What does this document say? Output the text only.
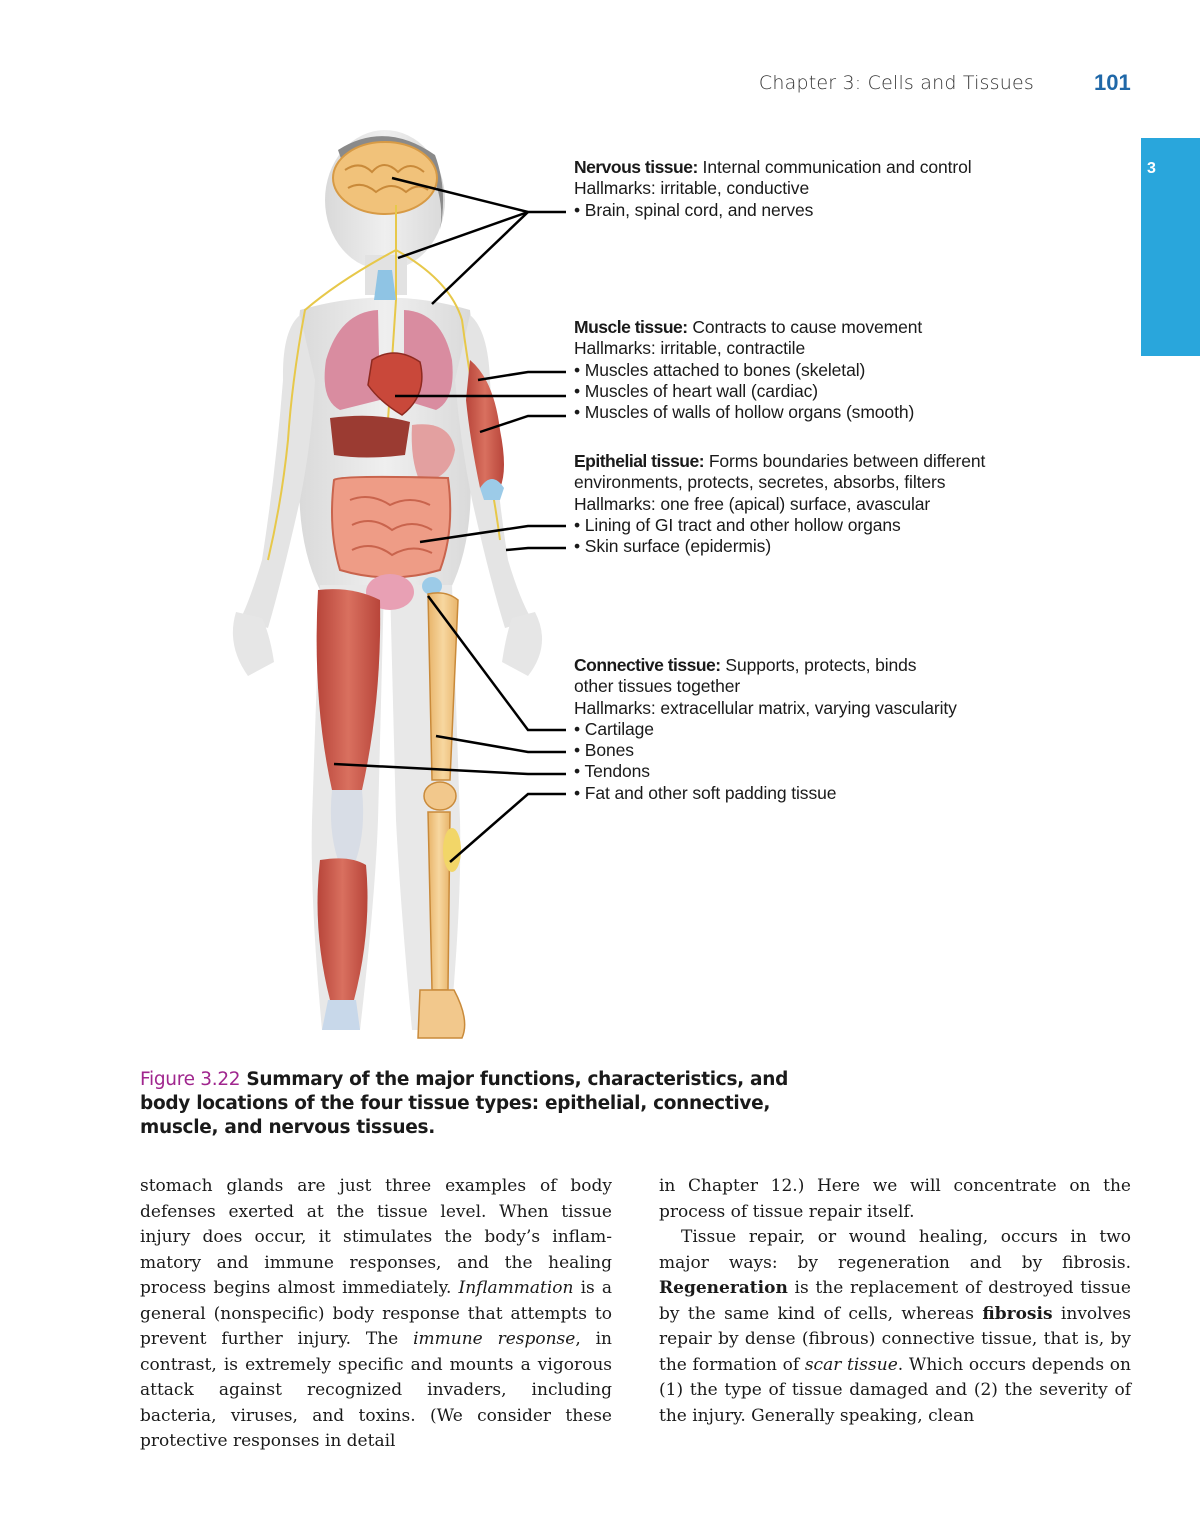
Chapter 3: Cells and Tissues	101
3
Nervous tissue: Internal communication and control
Hallmarks: irritable, conductive
• Brain, spinal cord, and nerves
Muscle tissue: Contracts to cause movement
Hallmarks: irritable, contractile
• Muscles attached to bones (skeletal)
• Muscles of heart wall (cardiac)
• Muscles of walls of hollow organs (smooth)
Epithelial tissue: Forms boundaries between different
environments, protects, secretes, absorbs, filters
Hallmarks: one free (apical) surface, avascular
• Lining of GI tract and other hollow organs
• Skin surface (epidermis)
Connective tissue: Supports, protects, binds
other tissues together
Hallmarks: extracellular matrix, varying vascularity
• Cartilage
• Bones
• Tendons
• Fat and other soft padding tissue
Figure 3.22 Summary of the major functions, characteristics, and body locations of the four tissue types: epithelial, connective, muscle, and nervous tissues.

stomach glands are just three examples of body defenses exerted at the tissue level. When tissue injury does occur, it stimulates the body’s inflammatory and immune responses, and the healing process begins almost immediately. Inflammation is a general (nonspecific) body response that attempts to prevent further injury. The immune response, in contrast, is extremely specific and mounts a vigorous attack against recognized invaders, including bacteria, viruses, and toxins. (We consider these protective responses in detail

in Chapter 12.) Here we will concentrate on the process of tissue repair itself.

Tissue repair, or wound healing, occurs in two major ways: by regeneration and by fibrosis. Regeneration is the replacement of destroyed tissue by the same kind of cells, whereas fibrosis involves repair by dense (fibrous) connective tissue, that is, by the formation of scar tissue. Which occurs depends on (1) the type of tissue damaged and (2) the severity of the injury. Generally speaking, clean
